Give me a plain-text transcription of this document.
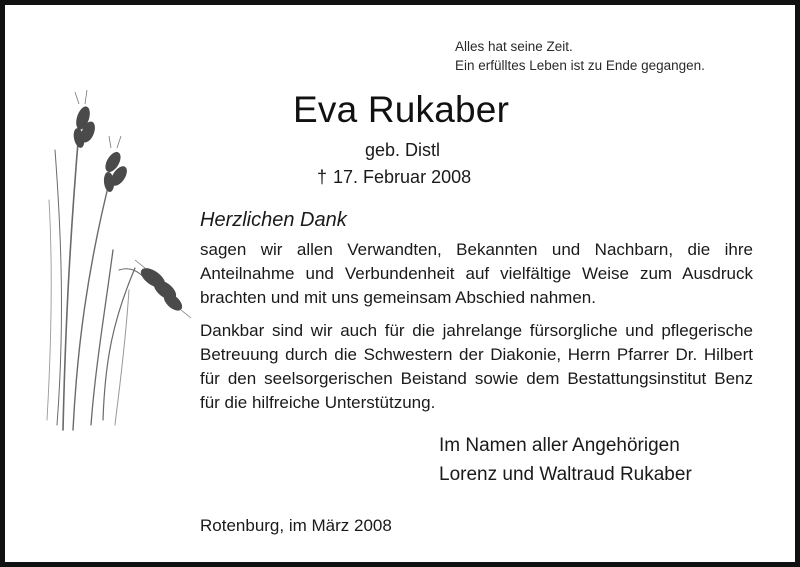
Alles hat seine Zeit.
Ein erfülltes Leben ist zu Ende gegangen.
Eva Rukaber
geb. Distl
† 17. Februar 2008
Herzlichen Dank
sagen wir allen Verwandten, Bekannten und Nachbarn, die ihre Anteilnahme und Verbundenheit auf vielfältige Weise zum Ausdruck brachten und mit uns gemeinsam Abschied nahmen.
Dankbar sind wir auch für die jahrelange fürsorgliche und pflegerische Betreuung durch die Schwestern der Diakonie, Herrn Pfarrer Dr. Hilbert für den seelsorgerischen Beistand sowie dem Bestattungsinstitut Benz für die hilfreiche Unterstützung.
Im Namen aller Angehörigen
Lorenz und Waltraud Rukaber
Rotenburg, im März 2008
